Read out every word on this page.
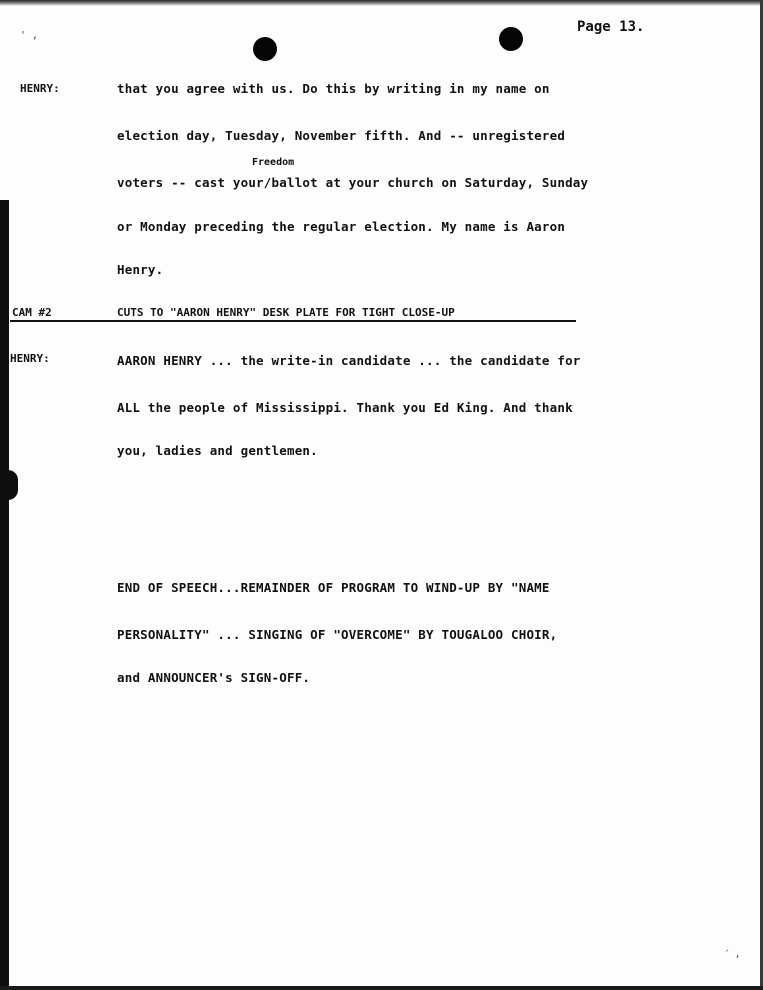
' ,
Page 13.
HENRY:	that you agree with us. Do this by writing in my name on
election day, Tuesday, November fifth. And -- unregistered
Freedom
voters -- cast your/ballot at your church on Saturday, Sunday
or Monday preceding the regular election. My name is Aaron
Henry.
CAM #2	CUTS TO "AARON HENRY" DESK PLATE FOR TIGHT CLOSE-UP
HENRY:	AARON HENRY ... the write-in candidate ... the candidate for
ALL the people of Mississippi. Thank you Ed King. And thank
you, ladies and gentlemen.
END OF SPEECH...REMAINDER OF PROGRAM TO WIND-UP BY "NAME
PERSONALITY" ... SINGING OF "OVERCOME" BY TOUGALOO CHOIR,
and ANNOUNCER's SIGN-OFF.
´ ,
